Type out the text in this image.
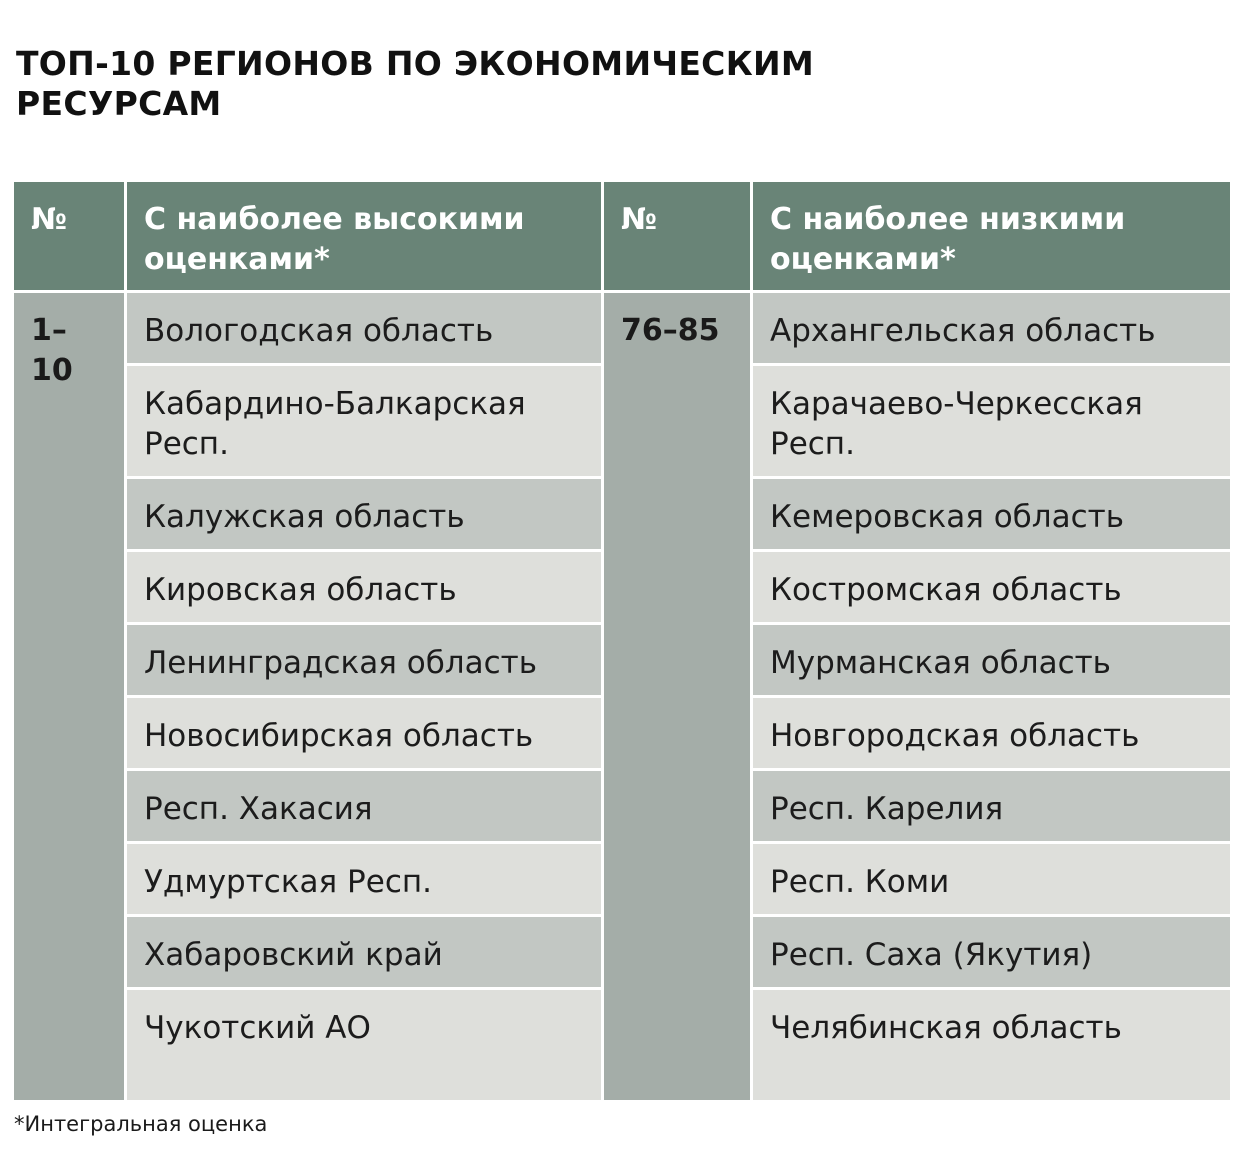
ТОП-10 РЕГИОНОВ ПО ЭКОНОМИЧЕСКИМ
РЕСУРСАМ
№
1–10
С наиболее высокими оценками*
Вологодская область
Кабардино-Балкарская Респ.
Калужская область
Кировская область
Ленинградская область
Новосибирская область
Респ. Хакасия
Удмуртская Респ.
Хабаровский край
Чукотский АО
№
76–85
С наиболее низкими оценками*
Архангельская область
Карачаево-Черкесская Респ.
Кемеровская область
Костромская область
Мурманская область
Новгородская область
Респ. Карелия
Респ. Коми
Респ. Саха (Якутия)
Челябинская область
*Интегральная оценка
